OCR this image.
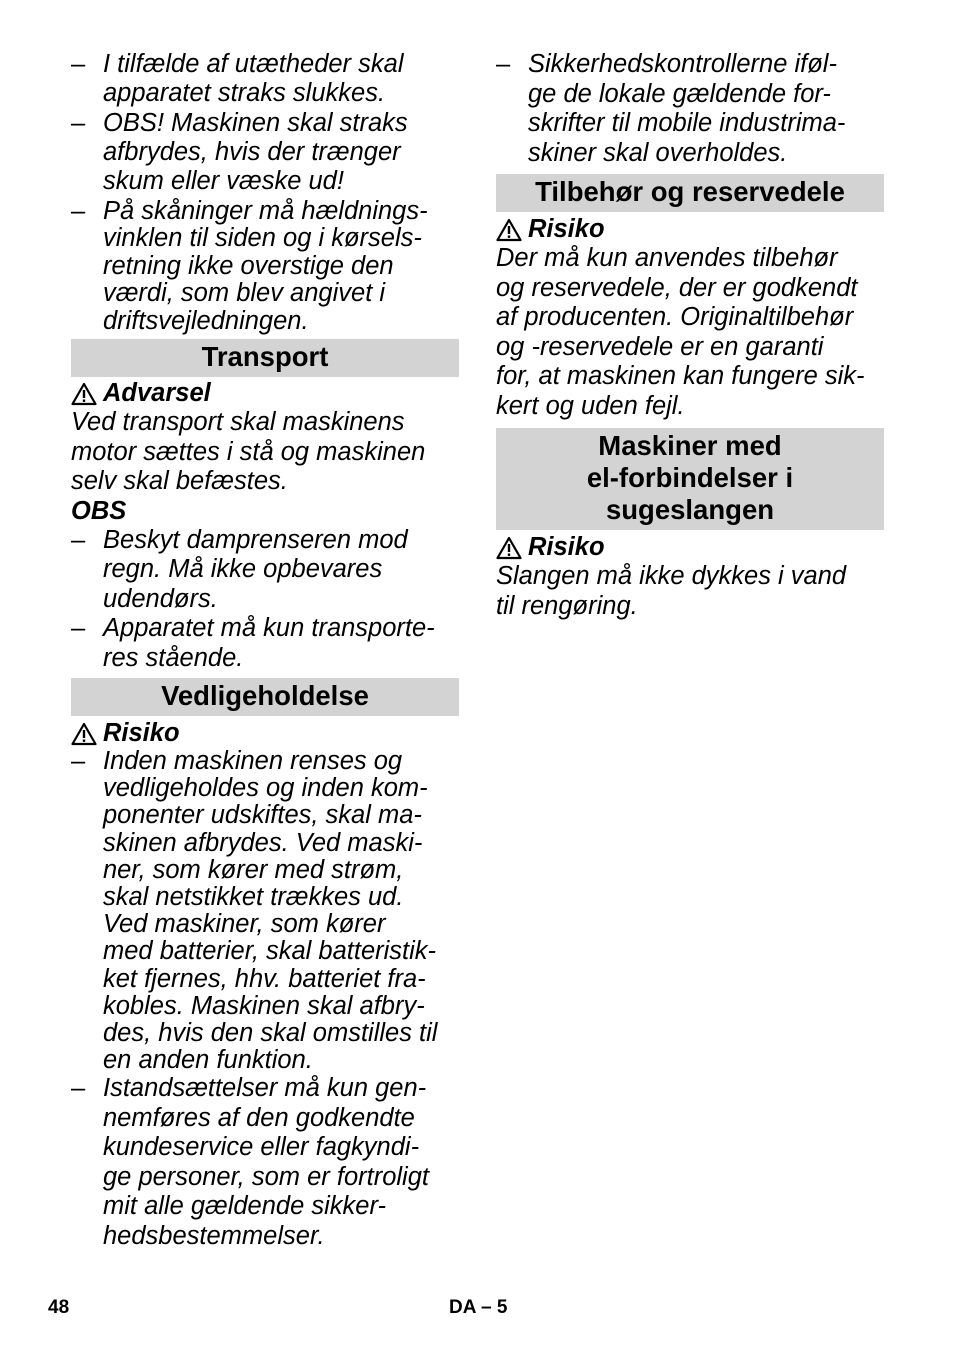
– I tilfælde af utætheder skal
apparatet straks slukkes.
– OBS! Maskinen skal straks
afbrydes, hvis der trænger
skum eller væske ud!
– På skåninger må hældnings-
vinklen til siden og i kørsels-
retning ikke overstige den
værdi, som blev angivet i
driftsvejledningen.
Transport
Advarsel
Ved transport skal maskinens
motor sættes i stå og maskinen
selv skal befæstes.
OBS
– Beskyt damprenseren mod
regn. Må ikke opbevares
udendørs.
– Apparatet må kun transporte-
res stående.
Vedligeholdelse
Risiko
– Inden maskinen renses og
vedligeholdes og inden kom-
ponenter udskiftes, skal ma-
skinen afbrydes. Ved maski-
ner, som kører med strøm,
skal netstikket trækkes ud.
Ved maskiner, som kører
med batterier, skal batteristik-
ket fjernes, hhv. batteriet fra-
kobles. Maskinen skal afbry-
des, hvis den skal omstilles til
en anden funktion.
– Istandsættelser må kun gen-
nemføres af den godkendte
kundeservice eller fagkyndi-
ge personer, som er fortroligt
mit alle gældende sikker-
hedsbestemmelser.
– Sikkerhedskontrollerne iføl-
ge de lokale gældende for-
skrifter til mobile industrima-
skiner skal overholdes.
Tilbehør og reservedele
Risiko
Der må kun anvendes tilbehør
og reservedele, der er godkendt
af producenten. Originaltilbehør
og -reservedele er en garanti
for, at maskinen kan fungere sik-
kert og uden fejl.
Maskiner med
el-forbindelser i
sugeslangen
Risiko
Slangen må ikke dykkes i vand
til rengøring.
48	DA – 5
